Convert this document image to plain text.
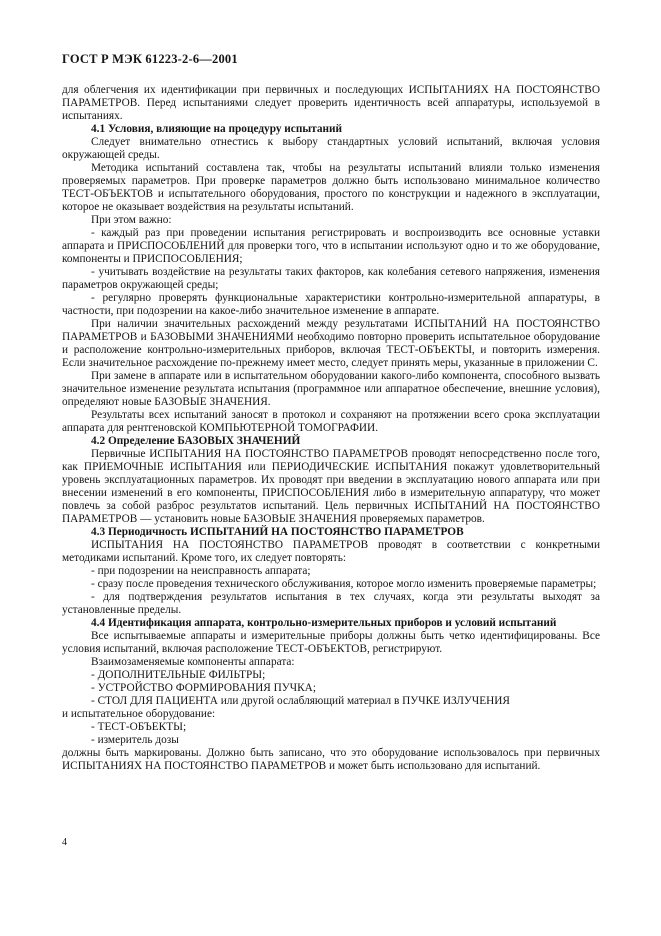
ГОСТ Р МЭК 61223-2-6—2001

для облегчения их идентификации при первичных и последующих ИСПЫТАНИЯХ НА ПОСТОЯНСТВО ПАРАМЕТРОВ. Перед испытаниями следует проверить идентичность всей аппаратуры, используемой в испытаниях.

4.1 Условия, влияющие на процедуру испытаний

Следует внимательно отнестись к выбору стандартных условий испытаний, включая условия окружающей среды.

Методика испытаний составлена так, чтобы на результаты испытаний влияли только изменения проверяемых параметров. При проверке параметров должно быть использовано минимальное количество ТЕСТ-ОБЪЕКТОВ и испытательного оборудования, простого по конструкции и надежного в эксплуатации, которое не оказывает воздействия на результаты испытаний.

При этом важно:

- каждый раз при проведении испытания регистрировать и воспроизводить все основные уставки аппарата и ПРИСПОСОБЛЕНИЙ для проверки того, что в испытании используют одно и то же оборудование, компоненты и ПРИСПОСОБЛЕНИЯ;

- учитывать воздействие на результаты таких факторов, как колебания сетевого напряжения, изменения параметров окружающей среды;

- регулярно проверять функциональные характеристики контрольно-измерительной аппаратуры, в частности, при подозрении на какое-либо значительное изменение в аппарате.

При наличии значительных расхождений между результатами ИСПЫТАНИЙ НА ПОСТОЯНСТВО ПАРАМЕТРОВ и БАЗОВЫМИ ЗНАЧЕНИЯМИ необходимо повторно проверить испытательное оборудование и расположение контрольно-измерительных приборов, включая ТЕСТ-ОБЪЕКТЫ, и повторить измерения. Если значительное расхождение по-прежнему имеет место, следует принять меры, указанные в приложении С.

При замене в аппарате или в испытательном оборудовании какого-либо компонента, способного вызвать значительное изменение результата испытания (программное или аппаратное обеспечение, внешние условия), определяют новые БАЗОВЫЕ ЗНАЧЕНИЯ.

Результаты всех испытаний заносят в протокол и сохраняют на протяжении всего срока эксплуатации аппарата для рентгеновской КОМПЬЮТЕРНОЙ ТОМОГРАФИИ.

4.2 Определение БАЗОВЫХ ЗНАЧЕНИЙ

Первичные ИСПЫТАНИЯ НА ПОСТОЯНСТВО ПАРАМЕТРОВ проводят непосредственно после того, как ПРИЕМОЧНЫЕ ИСПЫТАНИЯ или ПЕРИОДИЧЕСКИЕ ИСПЫТАНИЯ покажут удовлетворительный уровень эксплуатационных параметров. Их проводят при введении в эксплуатацию нового аппарата или при внесении изменений в его компоненты, ПРИСПОСОБЛЕНИЯ либо в измерительную аппаратуру, что может повлечь за собой разброс результатов испытаний. Цель первичных ИСПЫТАНИЙ НА ПОСТОЯНСТВО ПАРАМЕТРОВ — установить новые БАЗОВЫЕ ЗНАЧЕНИЯ проверяемых параметров.

4.3 Периодичность ИСПЫТАНИЙ НА ПОСТОЯНСТВО ПАРАМЕТРОВ

ИСПЫТАНИЯ НА ПОСТОЯНСТВО ПАРАМЕТРОВ проводят в соответствии с конкретными методиками испытаний. Кроме того, их следует повторять:

- при подозрении на неисправность аппарата;

- сразу после проведения технического обслуживания, которое могло изменить проверяемые параметры;

- для подтверждения результатов испытания в тех случаях, когда эти результаты выходят за установленные пределы.

4.4 Идентификация аппарата, контрольно-измерительных приборов и условий испытаний

Все испытываемые аппараты и измерительные приборы должны быть четко идентифицированы. Все условия испытаний, включая расположение ТЕСТ-ОБЪЕКТОВ, регистрируют.

Взаимозаменяемые компоненты аппарата:

- ДОПОЛНИТЕЛЬНЫЕ ФИЛЬТРЫ;

- УСТРОЙСТВО ФОРМИРОВАНИЯ ПУЧКА;

- СТОЛ ДЛЯ ПАЦИЕНТА или другой ослабляющий материал в ПУЧКЕ ИЗЛУЧЕНИЯ

и испытательное оборудование:

- ТЕСТ-ОБЪЕКТЫ;

- измеритель дозы

должны быть маркированы. Должно быть записано, что это оборудование использовалось при первичных ИСПЫТАНИЯХ НА ПОСТОЯНСТВО ПАРАМЕТРОВ и может быть использовано для испытаний.

4
